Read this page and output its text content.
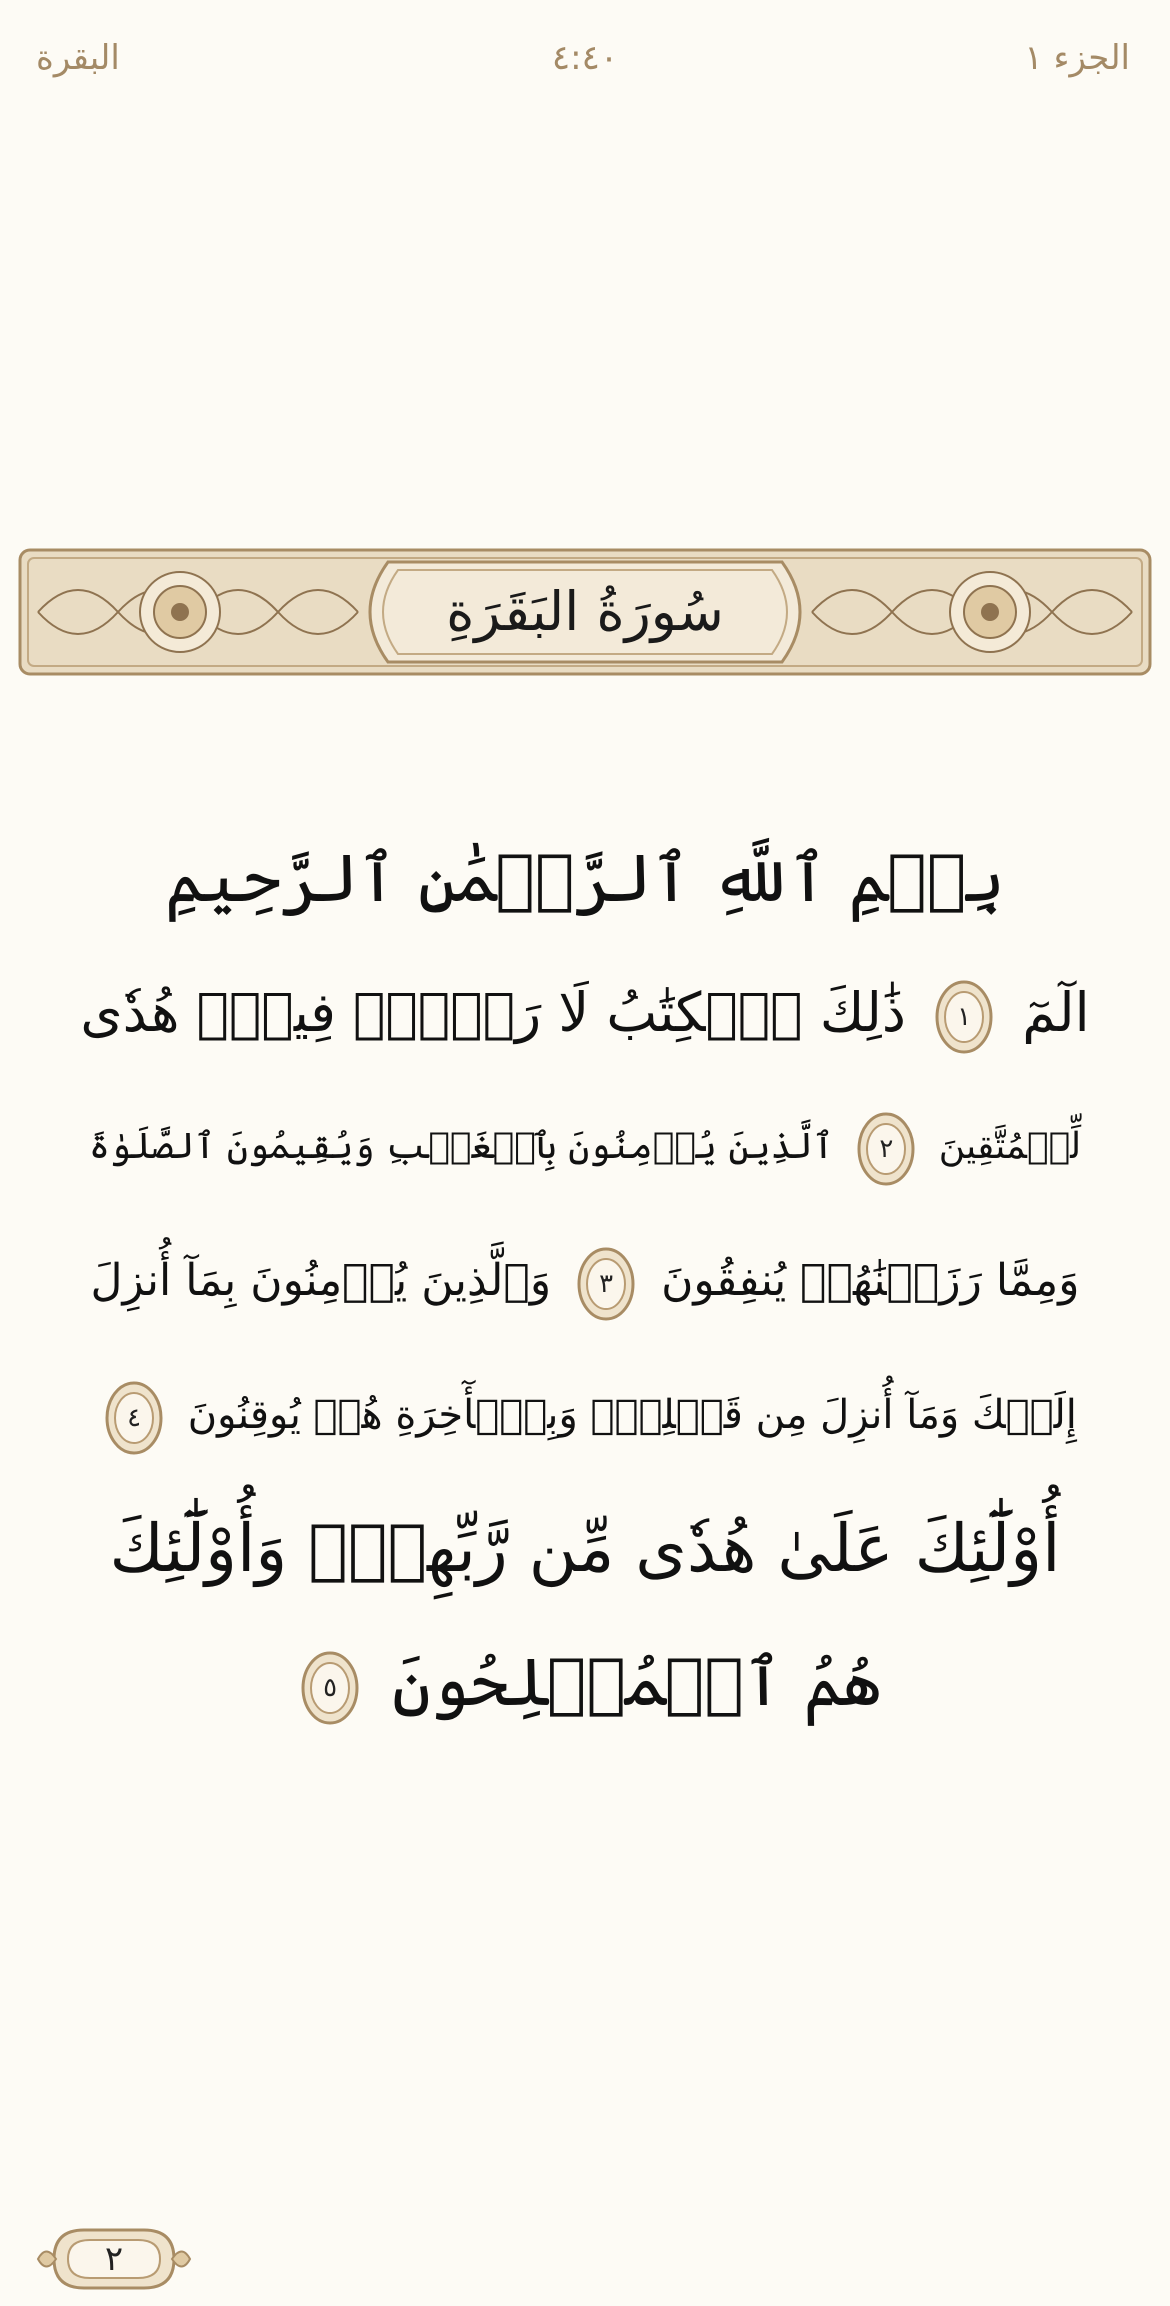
البقرة	٤:٤٠	الجزء ١
سُورَةُ البَقَرَةِ
بِسۡمِ ٱللَّهِ ٱلرَّحۡمَٰنِ ٱلرَّحِيمِ
الٓمٓ
١
ذَٰلِكَ ٱلۡكِتَٰبُ لَا رَيۡبَۛ فِيهِۛ هُدٗى
لِّلۡمُتَّقِينَ
٢
ٱلَّذِينَ يُؤۡمِنُونَ بِٱلۡغَيۡبِ وَيُقِيمُونَ ٱلصَّلَوٰةَ
وَمِمَّا رَزَقۡنَٰهُمۡ يُنفِقُونَ
٣
وَٱلَّذِينَ يُؤۡمِنُونَ بِمَآ أُنزِلَ
إِلَيۡكَ وَمَآ أُنزِلَ مِن قَبۡلِكَۖ وَبِٱلۡأٓخِرَةِ هُمۡ يُوقِنُونَ
٤
أُوْلَٰٓئِكَ عَلَىٰ هُدٗى مِّن رَّبِّهِمۡۖ وَأُوْلَٰٓئِكَ
هُمُ ٱلۡمُفۡلِحُونَ
٥
٢
